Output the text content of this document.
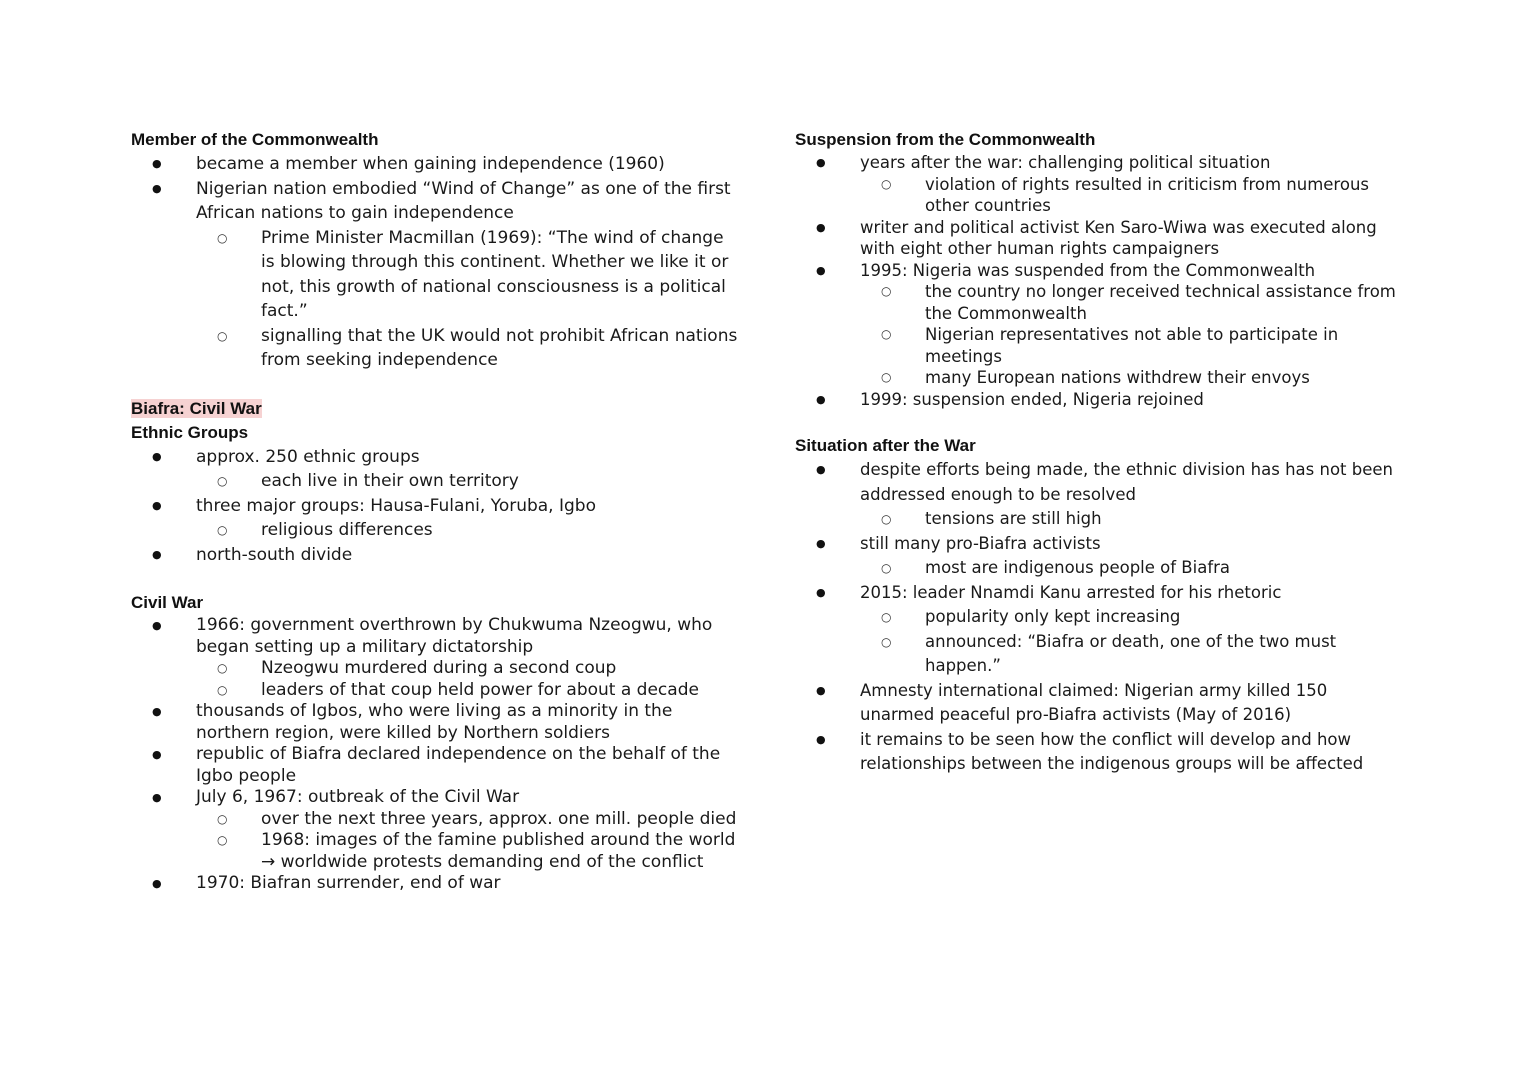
Member of the Commonwealth
● became a member when gaining independence (1960)
● Nigerian nation embodied “Wind of Change” as one of the first African nations to gain independence
○ Prime Minister Macmillan (1969): “The wind of change is blowing through this continent. Whether we like it or not, this growth of national consciousness is a political fact.”
○ signalling that the UK would not prohibit African nations from seeking independence
Biafra: Civil War
Ethnic Groups
● approx. 250 ethnic groups
○ each live in their own territory
● three major groups: Hausa-Fulani, Yoruba, Igbo
○ religious differences
● north-south divide
Civil War
● 1966: government overthrown by Chukwuma Nzeogwu, who began setting up a military dictatorship
○ Nzeogwu murdered during a second coup
○ leaders of that coup held power for about a decade
● thousands of Igbos, who were living as a minority in the northern region, were killed by Northern soldiers
● republic of Biafra declared independence on the behalf of the Igbo people
● July 6, 1967: outbreak of the Civil War
○ over the next three years, approx. one mill. people died
○ 1968: images of the famine published around the world → worldwide protests demanding end of the conflict
● 1970: Biafran surrender, end of war
Suspension from the Commonwealth
● years after the war: challenging political situation
○ violation of rights resulted in criticism from numerous other countries
● writer and political activist Ken Saro-Wiwa was executed along with eight other human rights campaigners
● 1995: Nigeria was suspended from the Commonwealth
○ the country no longer received technical assistance from the Commonwealth
○ Nigerian representatives not able to participate in meetings
○ many European nations withdrew their envoys
● 1999: suspension ended, Nigeria rejoined
Situation after the War
● despite efforts being made, the ethnic division has has not been addressed enough to be resolved
○ tensions are still high
● still many pro-Biafra activists
○ most are indigenous people of Biafra
● 2015: leader Nnamdi Kanu arrested for his rhetoric
○ popularity only kept increasing
○ announced: “Biafra or death, one of the two must happen.”
● Amnesty international claimed: Nigerian army killed 150 unarmed peaceful pro-Biafra activists (May of 2016)
● it remains to be seen how the conflict will develop and how relationships between the indigenous groups will be affected
